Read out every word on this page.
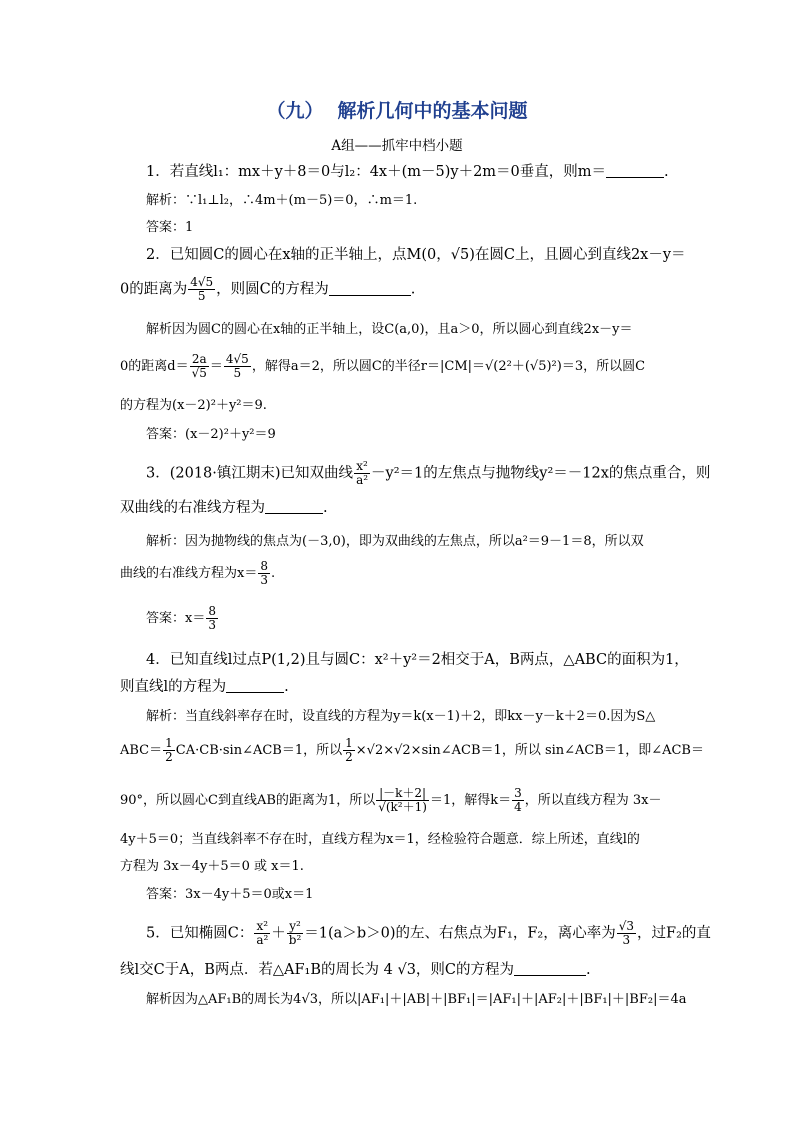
（九） 解析几何中的基本问题
A组——抓牢中档小题
1．若直线l₁：mx＋y＋8＝0与l₂：4x＋(m－5)y＋2m＝0垂直，则m＝	.
解析：∵l₁⊥l₂，∴4m＋(m－5)＝0，∴m＝1.
答案：1
2．已知圆C的圆心在x轴的正半轴上，点M(0，√5)在圆C上，且圆心到直线2x－y＝
0的距离为 $\frac{4√5}{5}$ ，则圆C的方程为	.
解析因为圆C的圆心在x轴的正半轴上，设C(a,0)，且a＞0，所以圆心到直线2x－y＝
0的距离$d= \frac{2a}{√5} = \frac{4√5}{5}$ ，解得a＝2，所以圆C的半径r＝|CM|＝√(2²＋(√5)²)＝3，所以圆C
的方程为(x－2)²＋y²＝9.
答案：(x－2)²＋y²＝9
3．(2018·镇江期末)已知双曲线 $\frac{\text{x²}}{\text{a²}} -y^2=1$的左焦点与抛物线y²＝－12x的焦点重合，则
双曲线的右准线方程为	.
解析：因为抛物线的焦点为(－3,0)，即为双曲线的左焦点，所以a²＝9－1＝8，所以双
曲线的右准线方程为$x= \frac{8}{3}$ .
答案：$x= \frac{8}{3}$
4．已知直线l过点P(1,2)且与圆C：x²＋y²＝2相交于A，B两点，△ABC的面积为1，
则直线l的方程为	.
解析：当直线斜率存在时，设直线的方程为y＝k(x－1)＋2，即kx－y－k＋2＝0.因为S△
$ABC= \frac{1}{2}$ CA·CB·sin∠ACB＝1，所以 $\frac{1}{2}$ ×√2×√2×sin∠ACB＝1，所以 sin∠ACB＝1，即∠ACB＝
90°，所以圆心C到直线AB的距离为1，所以 $\frac{|-k+2|}{\text{√(k²＋1)}} =1$，解得$k= \frac{3}{4}$ ，所以直线方程为 3x－
4y＋5＝0；当直线斜率不存在时，直线方程为x＝1，经检验符合题意．综上所述，直线l的
方程为 3x－4y＋5＝0 或 x＝1.
答案：3x－4y＋5＝0或x＝1
5．已知椭圆C： $\frac{\text{x²}}{\text{a²}} + \frac{\text{y²}}{\text{b²}} =1(a>b>0)$的左、右焦点为F₁，F₂，离心率为 $\frac{√3}{3}$ ，过F₂的直
线l交C于A，B两点．若△AF₁B的周长为 4 √3，则C的方程为	.
解析因为△AF₁B的周长为4√3，所以|AF₁|＋|AB|＋|BF₁|＝|AF₁|＋|AF₂|＋|BF₁|＋|BF₂|＝4a
